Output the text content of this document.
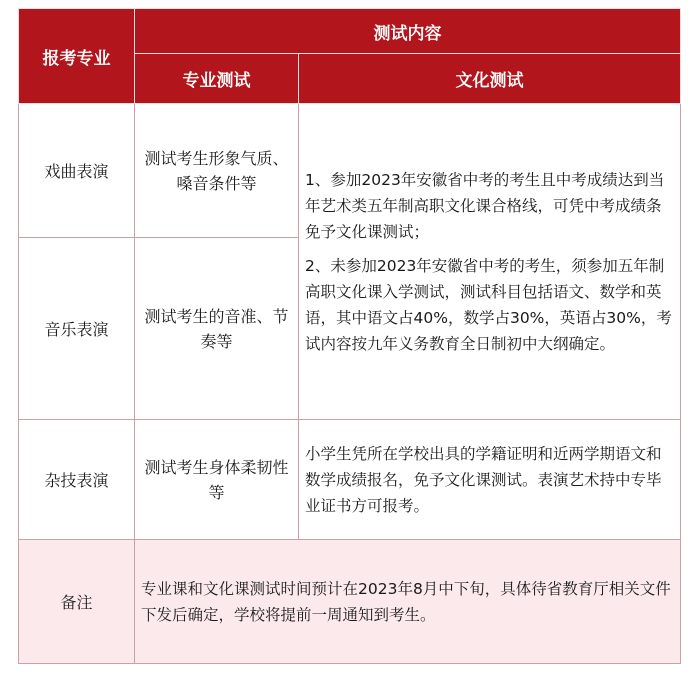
报考专业	测试内容	
	专业测试	文化测试
戏曲表演	测试考生形象气质、嗓音条件等	1、参加2023年安徽省中考的考生且中考成绩达到当年艺术类五年制高职文化课合格线，可凭中考成绩条免予文化课测试；

2、未参加2023年安徽省中考的考生，须参加五年制高职文化课入学测试，测试科目包括语文、数学和英语，其中语文占40%，数学占30%，英语占30%，考试内容按九年义务教育全日制初中大纲确定。

音乐表演	测试考生的音准、节奏等	
杂技表演	测试考生身体柔韧性等	小学生凭所在学校出具的学籍证明和近两学期语文和数学成绩报名，免予文化课测试。表演艺术持中专毕业证书方可报考。
备注	专业课和文化课测试时间预计在2023年8月中下旬，具体待省教育厅相关文件下发后确定，学校将提前一周通知到考生。	
